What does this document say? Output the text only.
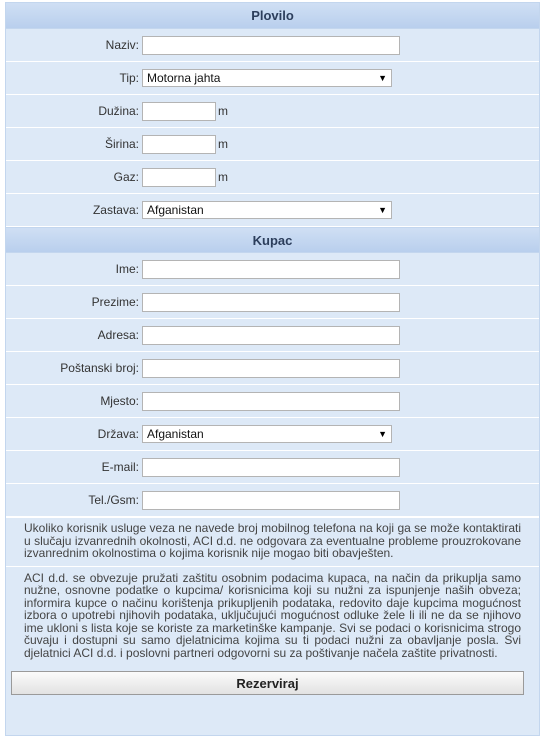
Plovilo
Naziv:
Tip: Motorna jahta	▼
Dužina:	m
Širina:	m
Gaz:	m
Zastava: Afganistan	▼
Kupac
Ime:
Prezime:
Adresa:
Poštanski broj:
Mjesto:
Država: Afganistan	▼
E-mail:
Tel./Gsm:

Ukoliko korisnik usluge veza ne navede broj mobilnog telefona na koji ga se može kontaktirati u slučaju izvanrednih okolnosti, ACI d.d. ne odgovara za eventualne probleme prouzrokovane izvanrednim okolnostima o kojima korisnik nije mogao biti obavješten.

ACI d.d. se obvezuje pružati zaštitu osobnim podacima kupaca, na način da prikuplja samo nužne, osnovne podatke o kupcima/ korisnicima koji su nužni za ispunjenje naših obveza; informira kupce o načinu korištenja prikupljenih podataka, redovito daje kupcima mogućnost izbora o upotrebi njihovih podataka, uključujući mogućnost odluke žele li ili ne da se njihovo ime ukloni s lista koje se koriste za marketinške kampanje. Svi se podaci o korisnicima strogo čuvaju i dostupni su samo djelatnicima kojima su ti podaci nužni za obavljanje posla. Svi djelatnici ACI d.d. i poslovni partneri odgovorni su za poštivanje načela zaštite privatnosti.

Rezerviraj
